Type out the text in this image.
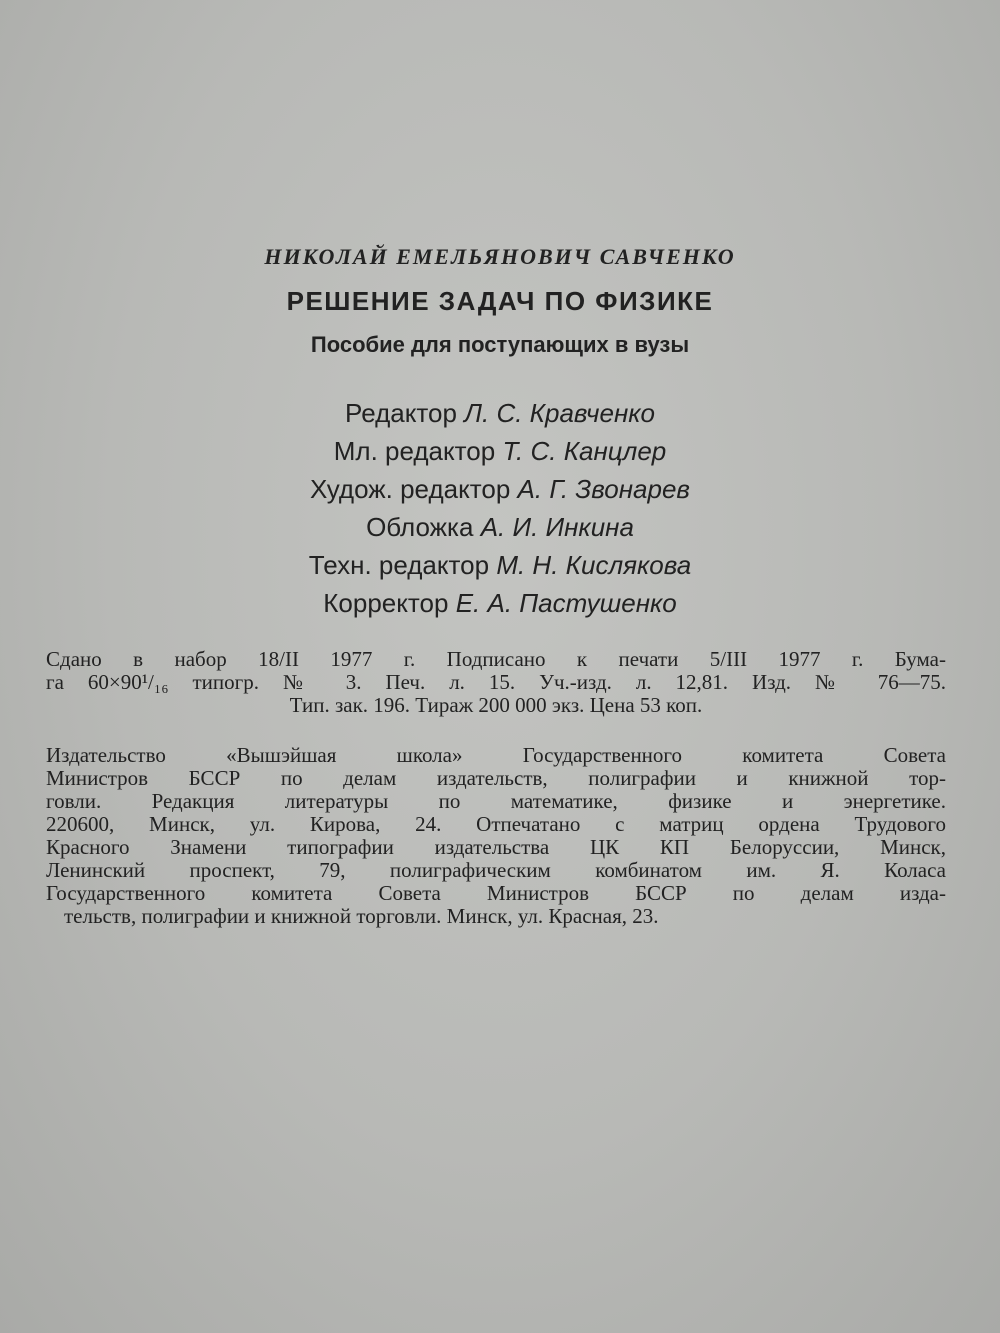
НИКОЛАЙ ЕМЕЛЬЯНОВИЧ САВЧЕНКО
РЕШЕНИЕ ЗАДАЧ ПО ФИЗИКЕ
Пособие для поступающих в вузы
Редактор Л. С. Кравченко
Мл. редактор Т. С. Канцлер
Худож. редактор А. Г. Звонарев
Обложка А. И. Инкина
Техн. редактор М. Н. Кислякова
Корректор Е. А. Пастушенко
Сдано в набор 18/II 1977 г. Подписано к печати 5/III 1977 г. Бума-
га 60×90¹/₁₆ типогр. № 3. Печ. л. 15. Уч.-изд. л. 12,81. Изд. № 76—75.
Тип. зак. 196. Тираж 200 000 экз. Цена 53 коп.
Издательство «Вышэйшая школа» Государственного комитета Совета
Министров БССР по делам издательств, полиграфии и книжной тор-
говли. Редакция литературы по математике, физике и энергетике.
220600, Минск, ул. Кирова, 24. Отпечатано с матриц ордена Трудового
Красного Знамени типографии издательства ЦК КП Белоруссии, Минск,
Ленинский проспект, 79, полиграфическим комбинатом им. Я. Коласа
Государственного комитета Совета Министров БССР по делам изда-
тельств, полиграфии и книжной торговли. Минск, ул. Красная, 23.
